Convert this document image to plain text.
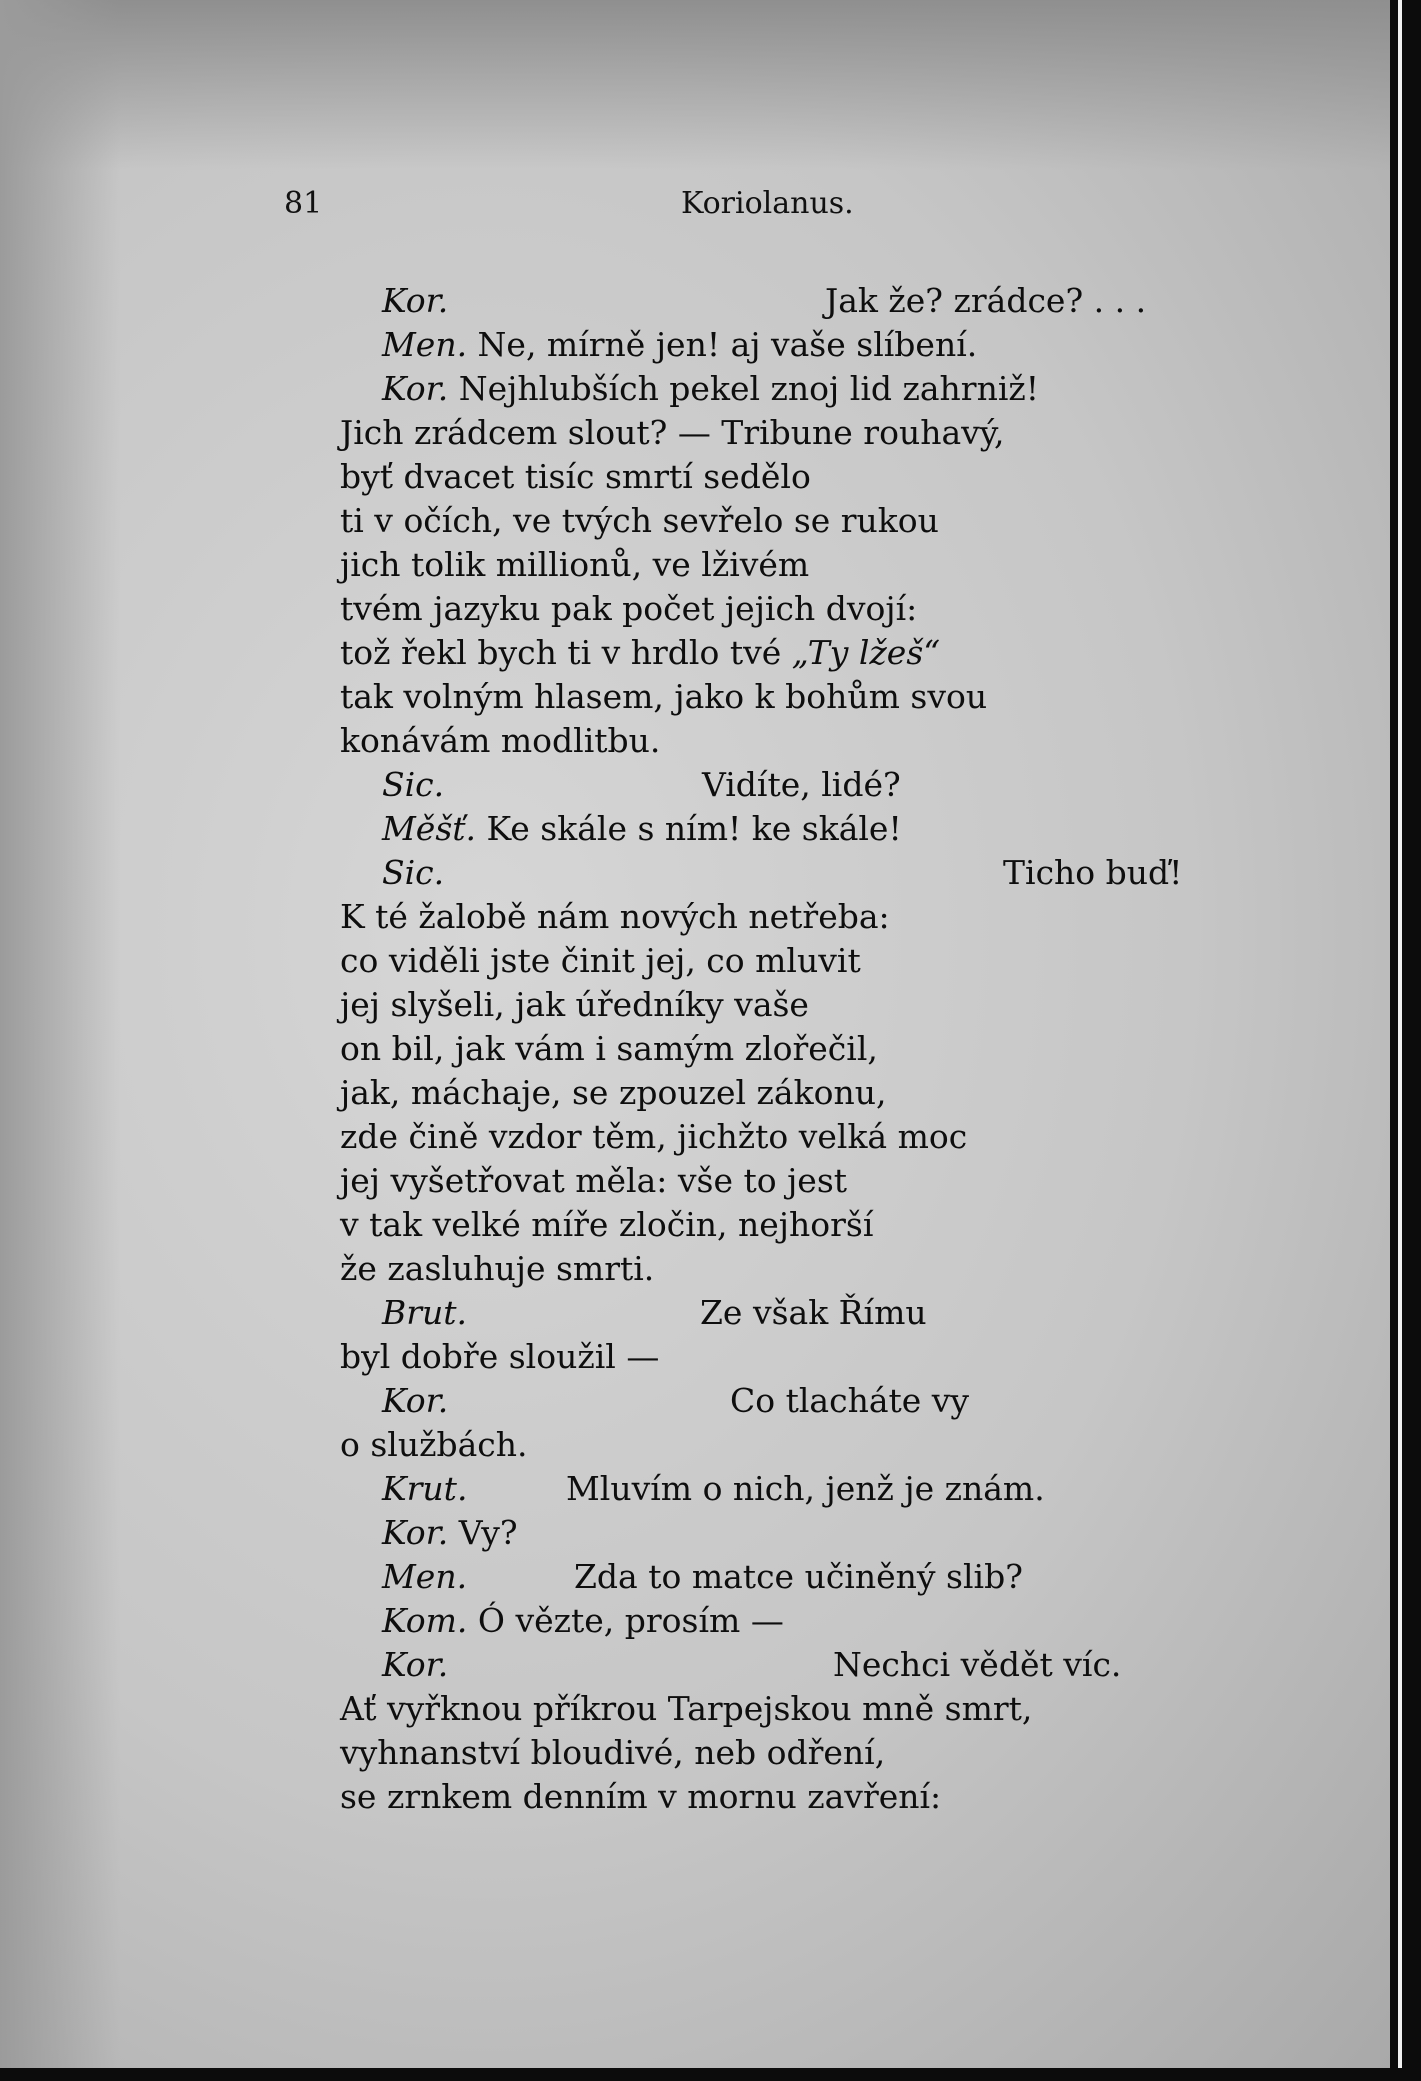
81	Koriolanus.
Kor.	Jak že? zrádce? . . .
Men. Ne, mírně jen! aj vaše slíbení.
Kor. Nejhlubších pekel znoj lid zahrniž!
Jich zrádcem slout? — Tribune rouhavý,
byť dvacet tisíc smrtí sedělo
ti v očích, ve tvých sevřelo se rukou
jich tolik millionů, ve lživém
tvém jazyku pak počet jejich dvojí:
tož řekl bych ti v hrdlo tvé „Ty lžeš“
tak volným hlasem, jako k bohům svou
konávám modlitbu.
Sic.	Vidíte, lidé?
Měšť. Ke skále s ním! ke skále!
Sic.	Ticho buď!
K té žalobě nám nových netřeba:
co viděli jste činit jej, co mluvit
jej slyšeli, jak úředníky vaše
on bil, jak vám i samým zlořečil,
jak, máchaje, se zpouzel zákonu,
zde čině vzdor těm, jichžto velká moc
jej vyšetřovat měla: vše to jest
v tak velké míře zločin, nejhorší
že zasluhuje smrti.
Brut.	Ze však Římu
byl dobře sloužil —
Kor.	Co tlacháte vy
o službách.
Krut.	Mluvím o nich, jenž je znám.
Kor. Vy?
Men.	Zda to matce učiněný slib?
Kom. Ó vězte, prosím —
Kor.	Nechci vědět víc.
Ať vyřknou příkrou Tarpejskou mně smrt,
vyhnanství bloudivé, neb odření,
se zrnkem denním v mornu zavření:
